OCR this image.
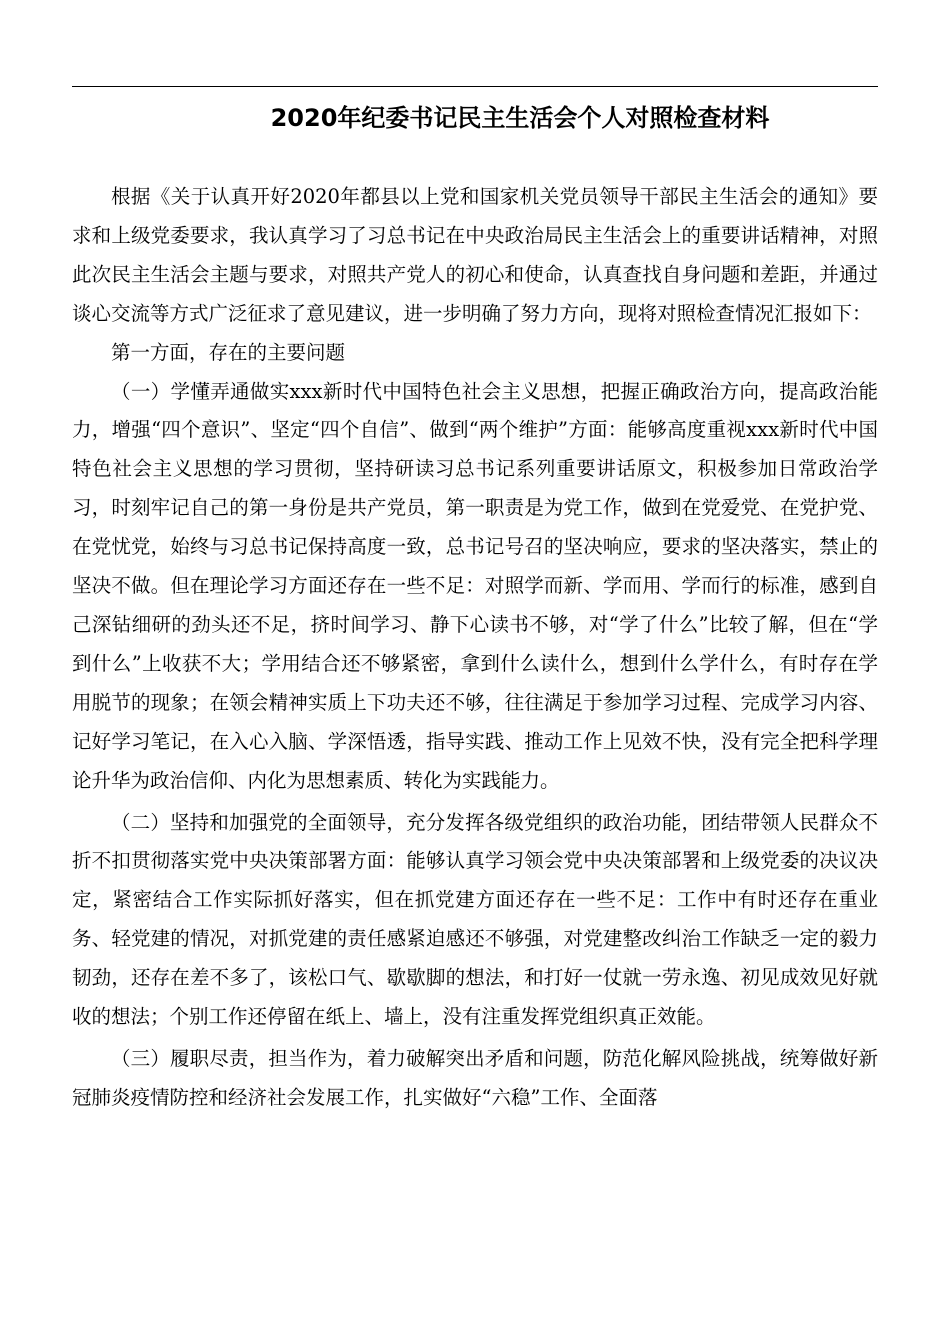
2020年纪委书记民主生活会个人对照检查材料

根据《关于认真开好2020年都县以上党和国家机关党员领导干部民主生活会的通知》要求和上级党委要求，我认真学习了习总书记在中央政治局民主生活会上的重要讲话精神，对照此次民主生活会主题与要求，对照共产党人的初心和使命，认真查找自身问题和差距，并通过谈心交流等方式广泛征求了意见建议，进一步明确了努力方向，现将对照检查情况汇报如下：

第一方面，存在的主要问题

（一）学懂弄通做实xxx新时代中国特色社会主义思想，把握正确政治方向，提高政治能力，增强“四个意识”、坚定“四个自信”、做到“两个维护”方面：能够高度重视xxx新时代中国特色社会主义思想的学习贯彻，坚持研读习总书记系列重要讲话原文，积极参加日常政治学习，时刻牢记自己的第一身份是共产党员，第一职责是为党工作，做到在党爱党、在党护党、在党忧党，始终与习总书记保持高度一致，总书记号召的坚决响应，要求的坚决落实，禁止的坚决不做。但在理论学习方面还存在一些不足：对照学而新、学而用、学而行的标准，感到自己深钻细研的劲头还不足，挤时间学习、静下心读书不够，对“学了什么”比较了解，但在“学到什么”上收获不大；学用结合还不够紧密，拿到什么读什么，想到什么学什么，有时存在学用脱节的现象；在领会精神实质上下功夫还不够，往往满足于参加学习过程、完成学习内容、记好学习笔记，在入心入脑、学深悟透，指导实践、推动工作上见效不快，没有完全把科学理论升华为政治信仰、内化为思想素质、转化为实践能力。

（二）坚持和加强党的全面领导，充分发挥各级党组织的政治功能，团结带领人民群众不折不扣贯彻落实党中央决策部署方面：能够认真学习领会党中央决策部署和上级党委的决议决定，紧密结合工作实际抓好落实，但在抓党建方面还存在一些不足：工作中有时还存在重业务、轻党建的情况，对抓党建的责任感紧迫感还不够强，对党建整改纠治工作缺乏一定的毅力韧劲，还存在差不多了，该松口气、歇歇脚的想法，和打好一仗就一劳永逸、初见成效见好就收的想法；个别工作还停留在纸上、墙上，没有注重发挥党组织真正效能。

（三）履职尽责，担当作为，着力破解突出矛盾和问题，防范化解风险挑战，统筹做好新冠肺炎疫情防控和经济社会发展工作，扎实做好“六稳”工作、全面落
